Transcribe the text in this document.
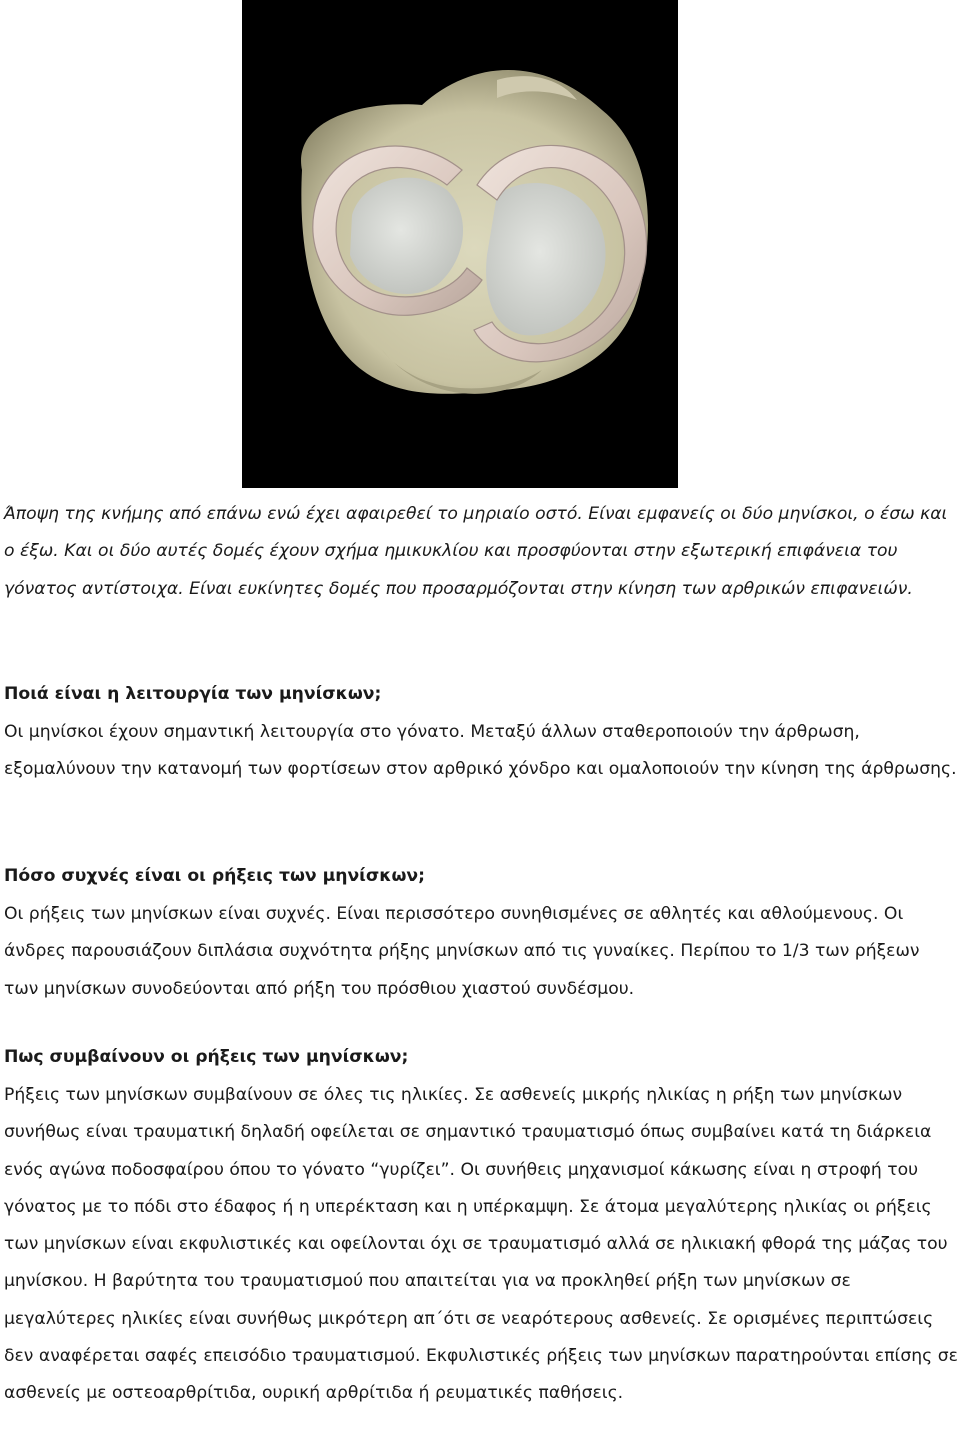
Άποψη της κνήμης από επάνω ενώ έχει αφαιρεθεί το μηριαίο οστό. Είναι εμφανείς οι δύο μηνίσκοι, ο έσω και ο έξω. Και οι δύο αυτές δομές έχουν σχήμα ημικυκλίου και προσφύονται στην εξωτερική επιφάνεια του γόνατος αντίστοιχα. Είναι ευκίνητες δομές που προσαρμόζονται στην κίνηση των αρθρικών επιφανειών.

Ποιά είναι η λειτουργία των μηνίσκων;

Οι μηνίσκοι έχουν σημαντική λειτουργία στο γόνατο. Μεταξύ άλλων σταθεροποιούν την άρθρωση, εξομαλύνουν την κατανομή των φορτίσεων στον αρθρικό χόνδρο και ομαλοποιούν την κίνηση της άρθρωσης.

Πόσο συχνές είναι οι ρήξεις των μηνίσκων;

Οι ρήξεις των μηνίσκων είναι συχνές. Είναι περισσότερο συνηθισμένες σε αθλητές και αθλούμενους. Οι άνδρες παρουσιάζουν διπλάσια συχνότητα ρήξης μηνίσκων από τις γυναίκες. Περίπου το 1/3 των ρήξεων των μηνίσκων συνοδεύονται από ρήξη του πρόσθιου χιαστού συνδέσμου.

Πως συμβαίνουν οι ρήξεις των μηνίσκων;

Ρήξεις των μηνίσκων συμβαίνουν σε όλες τις ηλικίες. Σε ασθενείς μικρής ηλικίας η ρήξη των μηνίσκων συνήθως είναι τραυματική δηλαδή οφείλεται σε σημαντικό τραυματισμό όπως συμβαίνει κατά τη διάρκεια ενός αγώνα ποδοσφαίρου όπου το γόνατο “γυρίζει”. Οι συνήθεις μηχανισμοί κάκωσης είναι η στροφή του γόνατος με το πόδι στο έδαφος ή η υπερέκταση και η υπέρκαμψη. Σε άτομα μεγαλύτερης ηλικίας οι ρήξεις των μηνίσκων είναι εκφυλιστικές και οφείλονται όχι σε τραυματισμό αλλά σε ηλικιακή φθορά της μάζας του μηνίσκου. Η βαρύτητα του τραυματισμού που απαιτείται για να προκληθεί ρήξη των μηνίσκων σε μεγαλύτερες ηλικίες είναι συνήθως μικρότερη απ΄ότι σε νεαρότερους ασθενείς. Σε ορισμένες περιπτώσεις δεν αναφέρεται σαφές επεισόδιο τραυματισμού. Εκφυλιστικές ρήξεις των μηνίσκων παρατηρούνται επίσης σε ασθενείς με οστεοαρθρίτιδα, ουρική αρθρίτιδα ή ρευματικές παθήσεις.
